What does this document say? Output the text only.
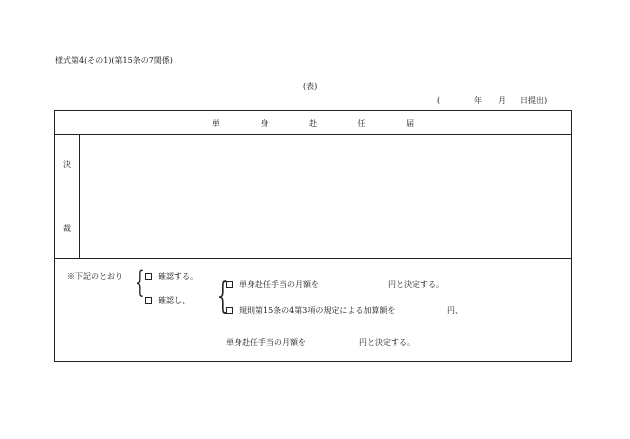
様式第4(その1)(第15条の7関係)
(表)
(	年 月 日提出)
単	身	赴	任	届
決
裁
※下記のとおり {	確認する。
確認し、 {	単身赴任手当の月額を	円と決定する。
規則第15条の4第3項の規定による加算額を	円、
単身赴任手当の月額を	円と決定する。
